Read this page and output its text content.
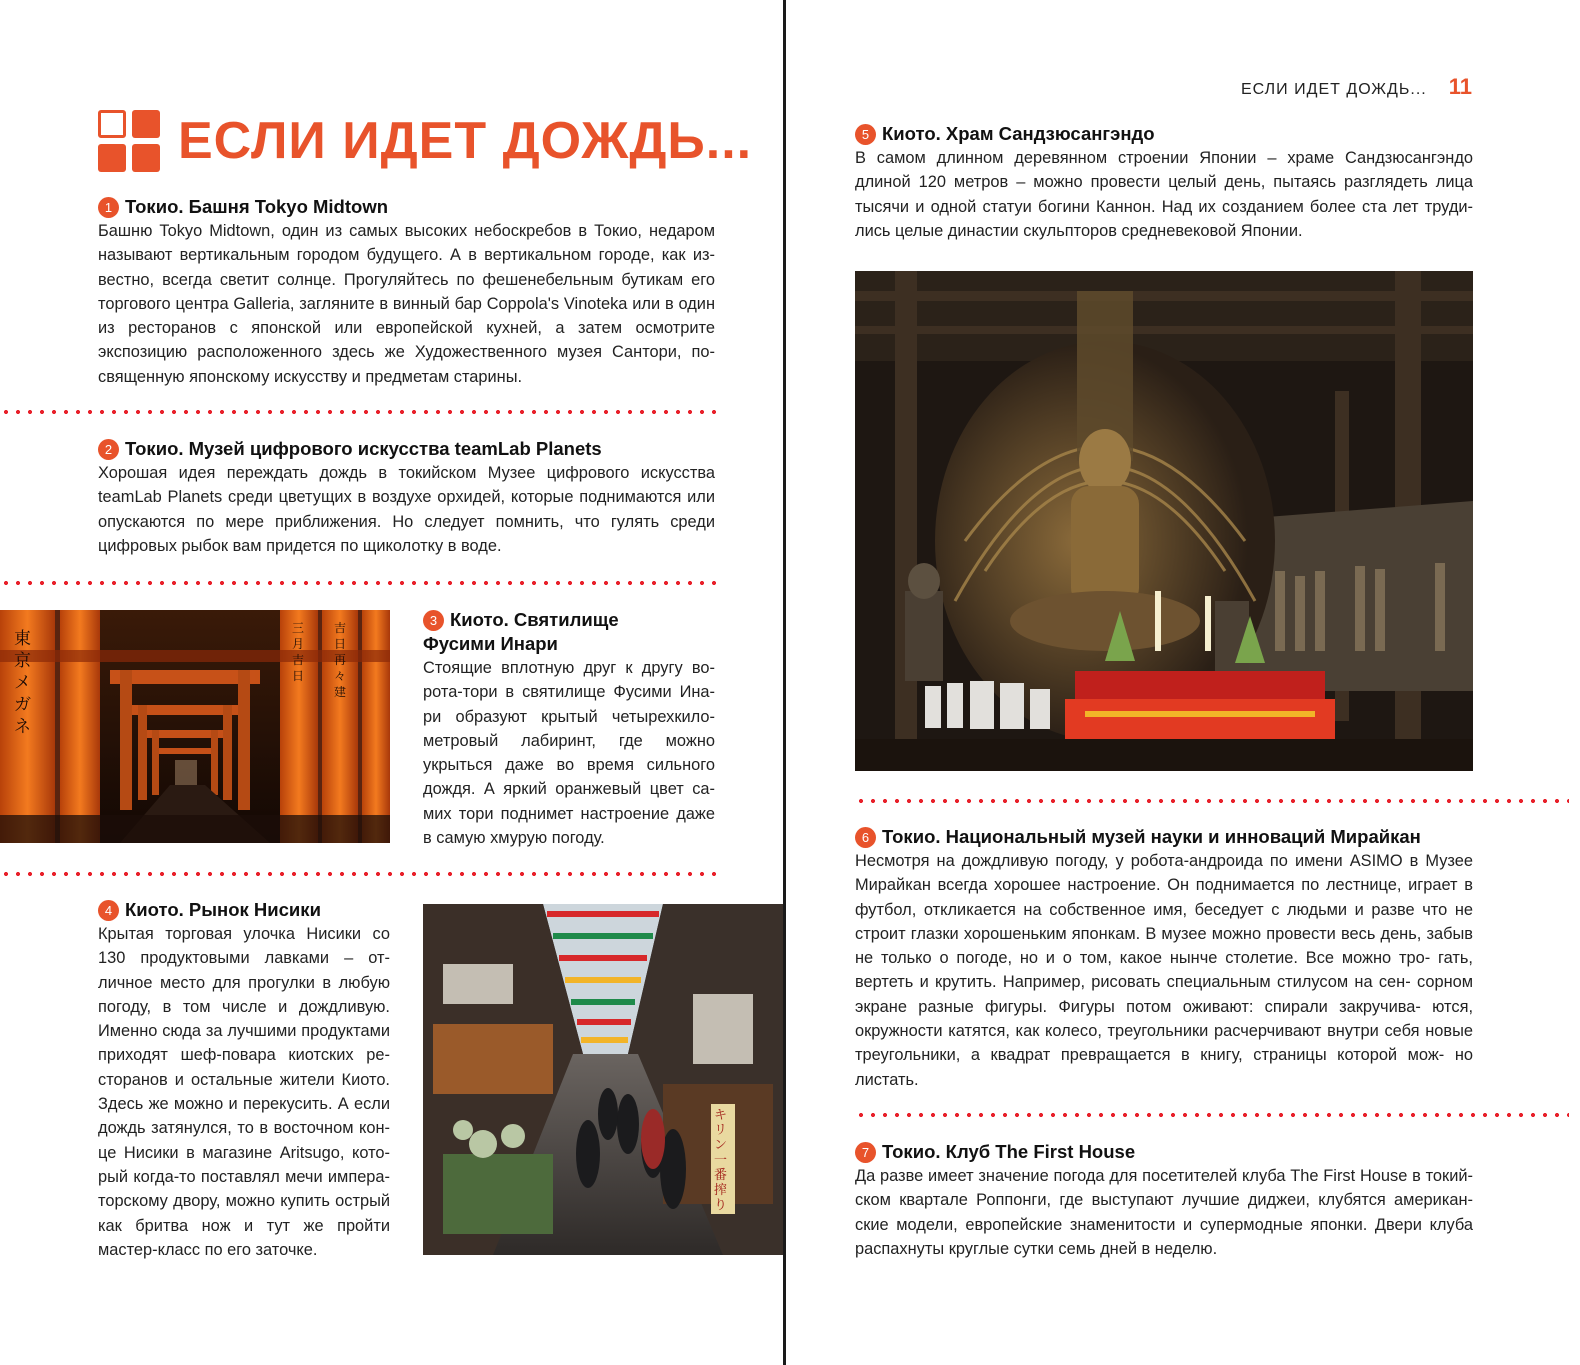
ЕСЛИ ИДЕТ ДОЖДЬ...
ЕСЛИ ИДЕТ ДОЖДЬ... 11
1 Токио. Башня Tokyo Midtown

Башню Tokyo Midtown, один из самых высоких небоскребов в Токио, недаром называют вертикальным городом будущего. А в вертикальном городе, как из- вестно, всегда светит солнце. Прогуляйтесь по фешенебельным бутикам его торгового центра Galleria, загляните в винный бар Coppola's Vinoteka или в один из ресторанов с японской или европейской кухней, а затем осмотрите экспозицию расположенного здесь же Художественного музея Сантори, по- священную японскому искусству и предметам старины.

2 Токио. Музей цифрового искусства teamLab Planets

Хорошая идея переждать дождь в токийском Музее цифрового искусства teamLab Planets среди цветущих в воздухе орхидей, которые поднимаются или опускаются по мере приближения. Но следует помнить, что гулять среди цифровых рыбок вам придется по щиколотку в воде.

東京メガネ
三月吉日
吉日再々建
3 Киото. Святилище
Фусими Инари

Стоящие вплотную друг к другу во- рота-тори в святилище Фусими Ина- ри образуют крытый четырехкило- метровый лабиринт, где можно укрыться даже во время сильного дождя. А яркий оранжевый цвет са- мих тори поднимет настроение даже в самую хмурую погоду.

4 Киото. Рынок Нисики

Крытая торговая улочка Нисики со 130 продуктовыми лавками – от- личное место для прогулки в любую погоду, в том числе и дождливую. Именно сюда за лучшими продуктами приходят шеф-повара киотских ре- сторанов и остальные жители Киото. Здесь же можно и перекусить. А если дождь затянулся, то в восточном кон- це Нисики в магазине Aritsugo, кото- рый когда-то поставлял мечи импера- торскому двору, можно купить острый как бритва нож и тут же пройти мастер-класс по его заточке.

キリン一番搾り
5 Киото. Храм Сандзюсангэндо

В самом длинном деревянном строении Японии – храме Сандзюсангэндо длиной 120 метров – можно провести целый день, пытаясь разглядеть лица тысячи и одной статуи богини Каннон. Над их созданием более ста лет труди- лись целые династии скульпторов средневековой Японии.

6 Токио. Национальный музей науки и инноваций Мирайкан

Несмотря на дождливую погоду, у робота-андроида по имени ASIMO в Музее Мирайкан всегда хорошее настроение. Он поднимается по лестнице, играет в футбол, откликается на собственное имя, беседует с людьми и разве что не строит глазки хорошеньким японкам. В музее можно провести весь день, забыв не только о погоде, но и о том, какое нынче столетие. Все можно тро- гать, вертеть и крутить. Например, рисовать специальным стилусом на сен- сорном экране разные фигуры. Фигуры потом оживают: спирали закручива- ются, окружности катятся, как колесо, треугольники расчерчивают внутри себя новые треугольники, а квадрат превращается в книгу, страницы которой мож- но листать.

7 Токио. Клуб The First House

Да разве имеет значение погода для посетителей клуба The First House в токий- ском квартале Роппонги, где выступают лучшие диджеи, клубятся американ- ские модели, европейские знаменитости и супермодные японки. Двери клуба распахнуты круглые сутки семь дней в неделю.
